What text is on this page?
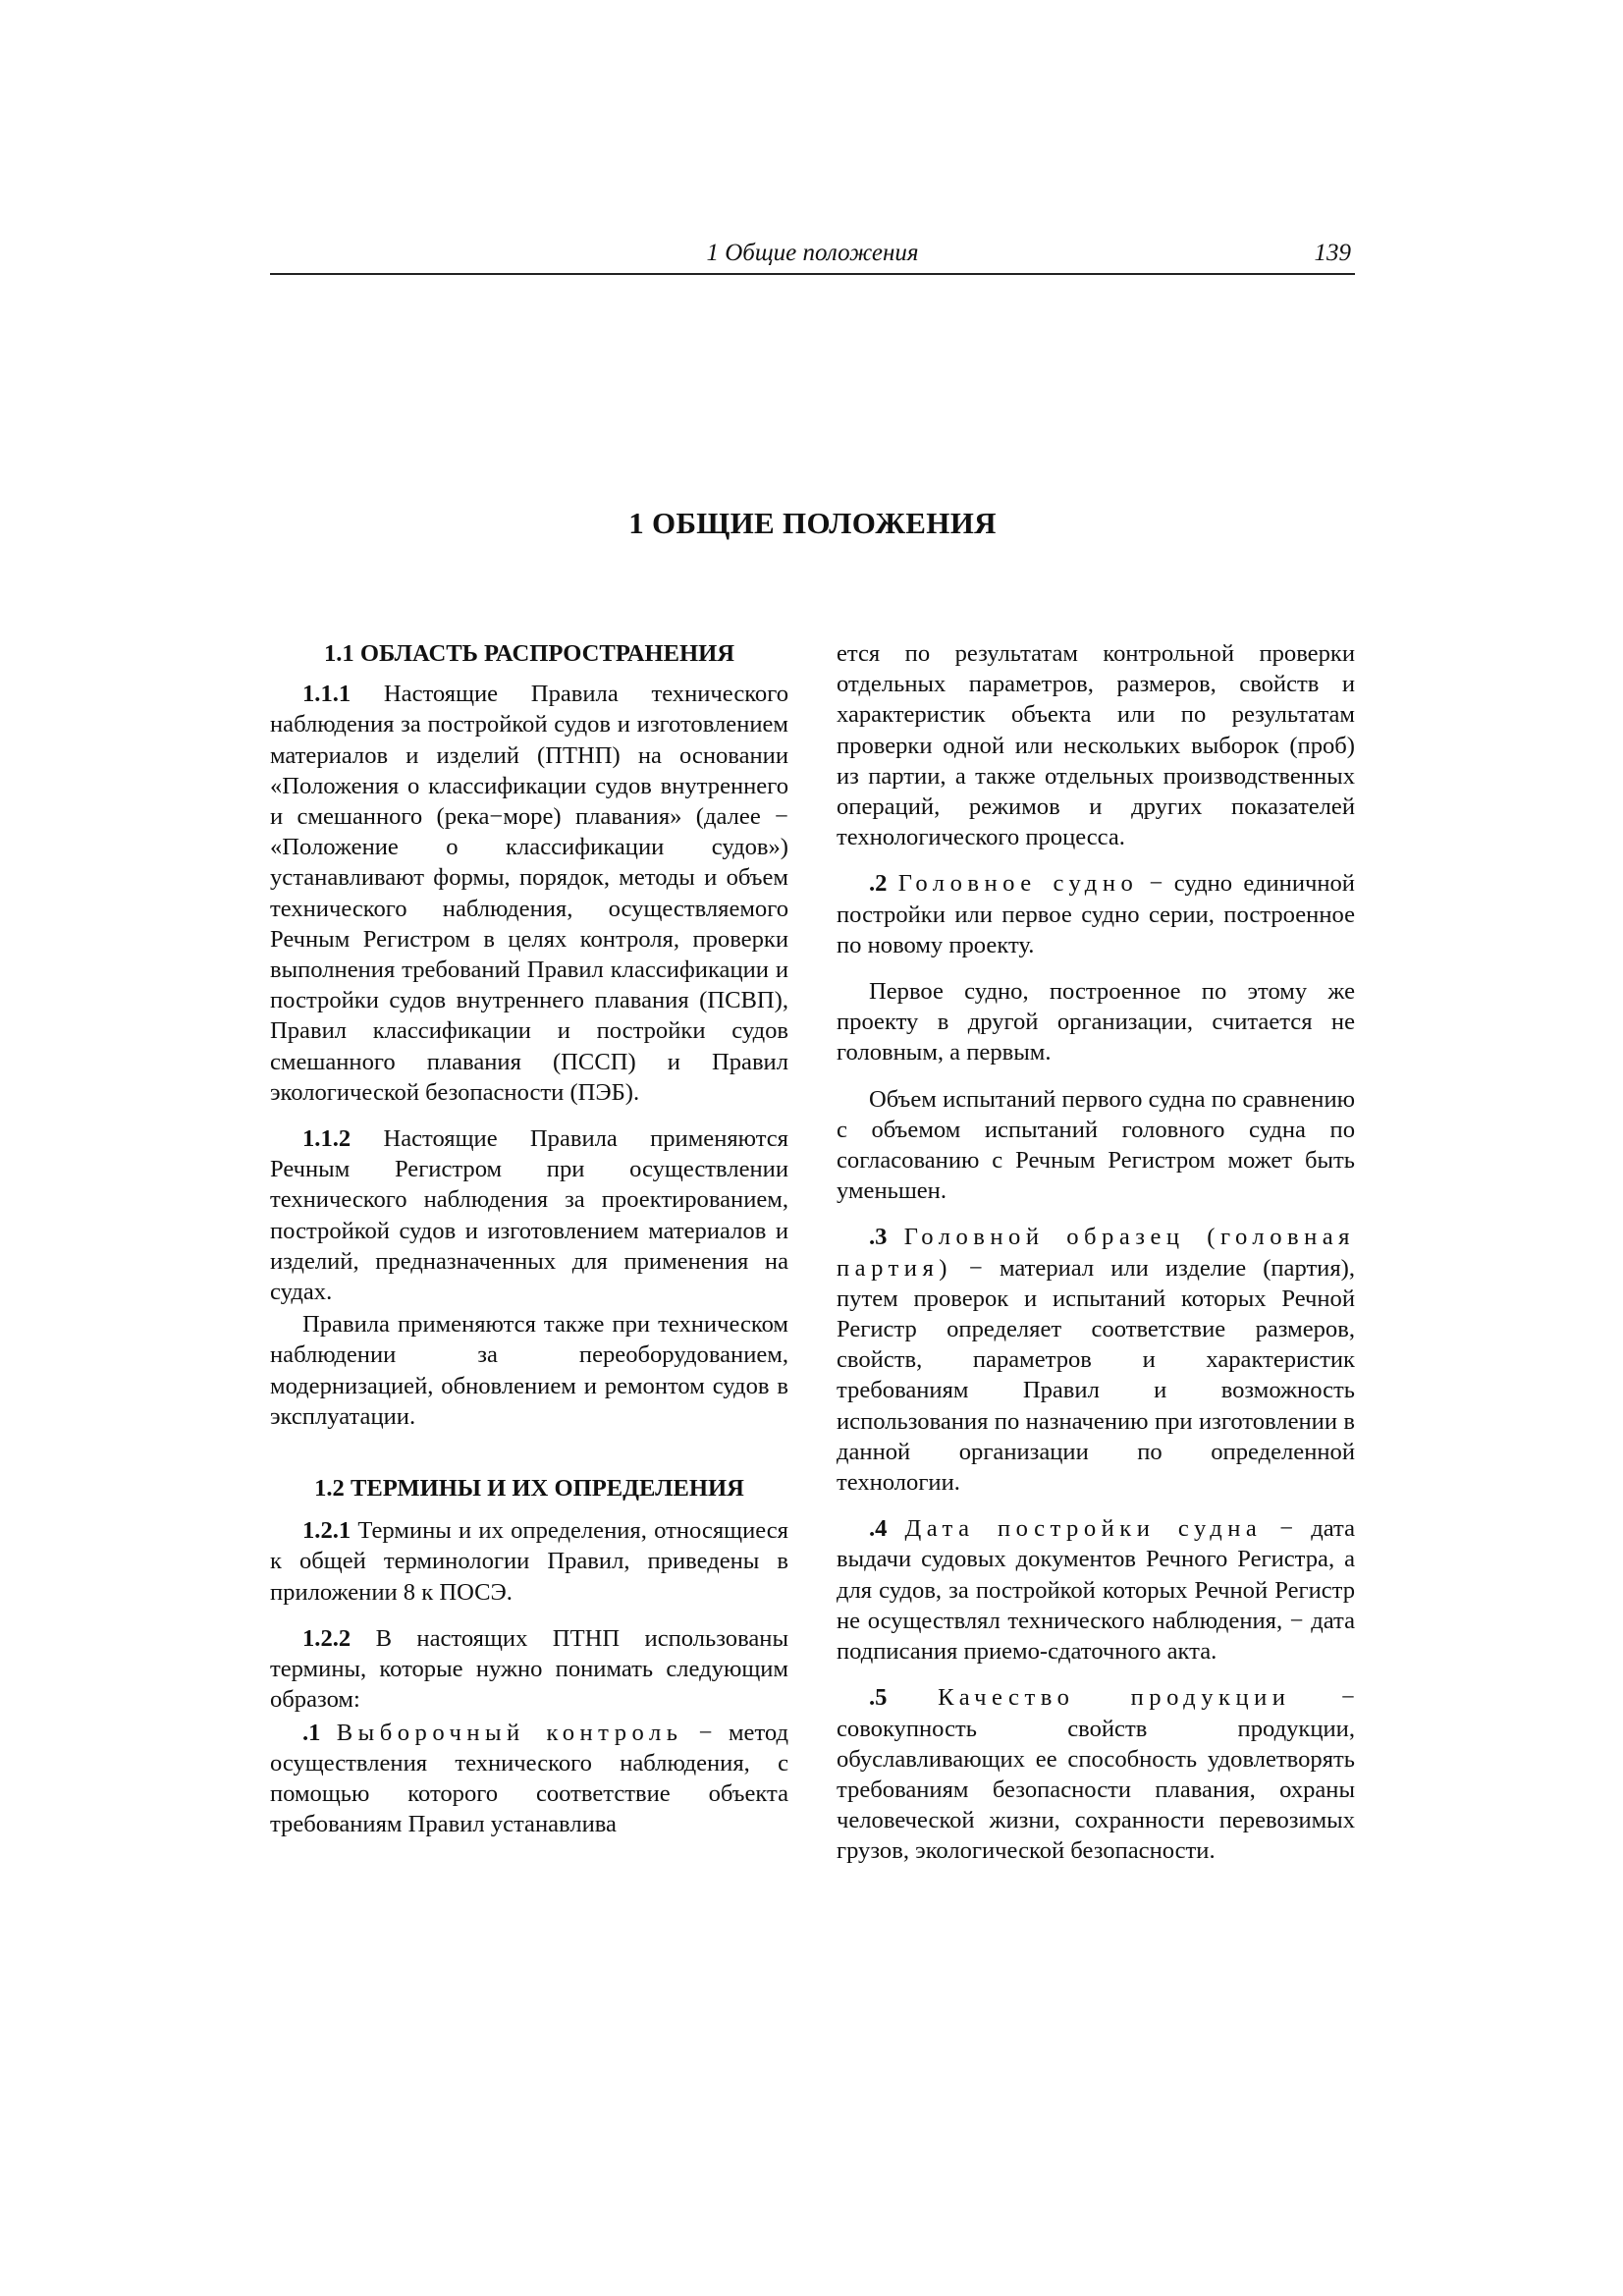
1 Общие положения	139
1 ОБЩИЕ ПОЛОЖЕНИЯ
1.1 ОБЛАСТЬ РАСПРОСТРАНЕНИЯ

1.1.1 Настоящие Правила технического наблюдения за постройкой судов и изготовлением материалов и изделий (ПТНП) на основании «Положения о классификации судов внутреннего и смешанного (река−море) плавания» (далее − «Положение о классификации судов») устанавливают формы, порядок, методы и объем технического наблюдения, осуществляемого Речным Регистром в целях контроля, проверки выполнения требований Правил классификации и постройки судов внутреннего плавания (ПСВП), Правил классификации и постройки судов смешанного плавания (ПССП) и Правил экологической безопасности (ПЭБ).

1.1.2 Настоящие Правила применяются Речным Регистром при осуществлении технического наблюдения за проектированием, постройкой судов и изготовлением материалов и изделий, предназначенных для применения на судах.

Правила применяются также при техническом наблюдении за переоборудованием, модернизацией, обновлением и ремонтом судов в эксплуатации.

1.2 ТЕРМИНЫ И ИХ ОПРЕДЕЛЕНИЯ

1.2.1 Термины и их определения, относящиеся к общей терминологии Правил, приведены в приложении 8 к ПОСЭ.

1.2.2 В настоящих ПТНП использованы термины, которые нужно понимать следующим образом:

.1 Выборочный контроль − метод осуществления технического наблюдения, с помощью которого соответствие объекта требованиям Правил устанавлива

ется по результатам контрольной проверки отдельных параметров, размеров, свойств и характеристик объекта или по результатам проверки одной или нескольких выборок (проб) из партии, а также отдельных производственных операций, режимов и других показателей технологического процесса.

.2 Головное судно − судно единичной постройки или первое судно серии, построенное по новому проекту.

Первое судно, построенное по этому же проекту в другой организации, считается не головным, а первым.

Объем испытаний первого судна по сравнению с объемом испытаний головного судна по согласованию с Речным Регистром может быть уменьшен.

.3 Головной образец (головная партия) − материал или изделие (партия), путем проверок и испытаний которых Речной Регистр определяет соответствие размеров, свойств, параметров и характеристик требованиям Правил и возможность использования по назначению при изготовлении в данной организации по определенной технологии.

.4 Дата постройки судна − дата выдачи судовых документов Речного Регистра, а для судов, за постройкой которых Речной Регистр не осуществлял технического наблюдения, − дата подписания приемо-сдаточного акта.

.5 Качество продукции − совокупность свойств продукции, обуславливающих ее способность удовлетворять требованиям безопасности плавания, охраны человеческой жизни, сохранности перевозимых грузов, экологической безопасности.
